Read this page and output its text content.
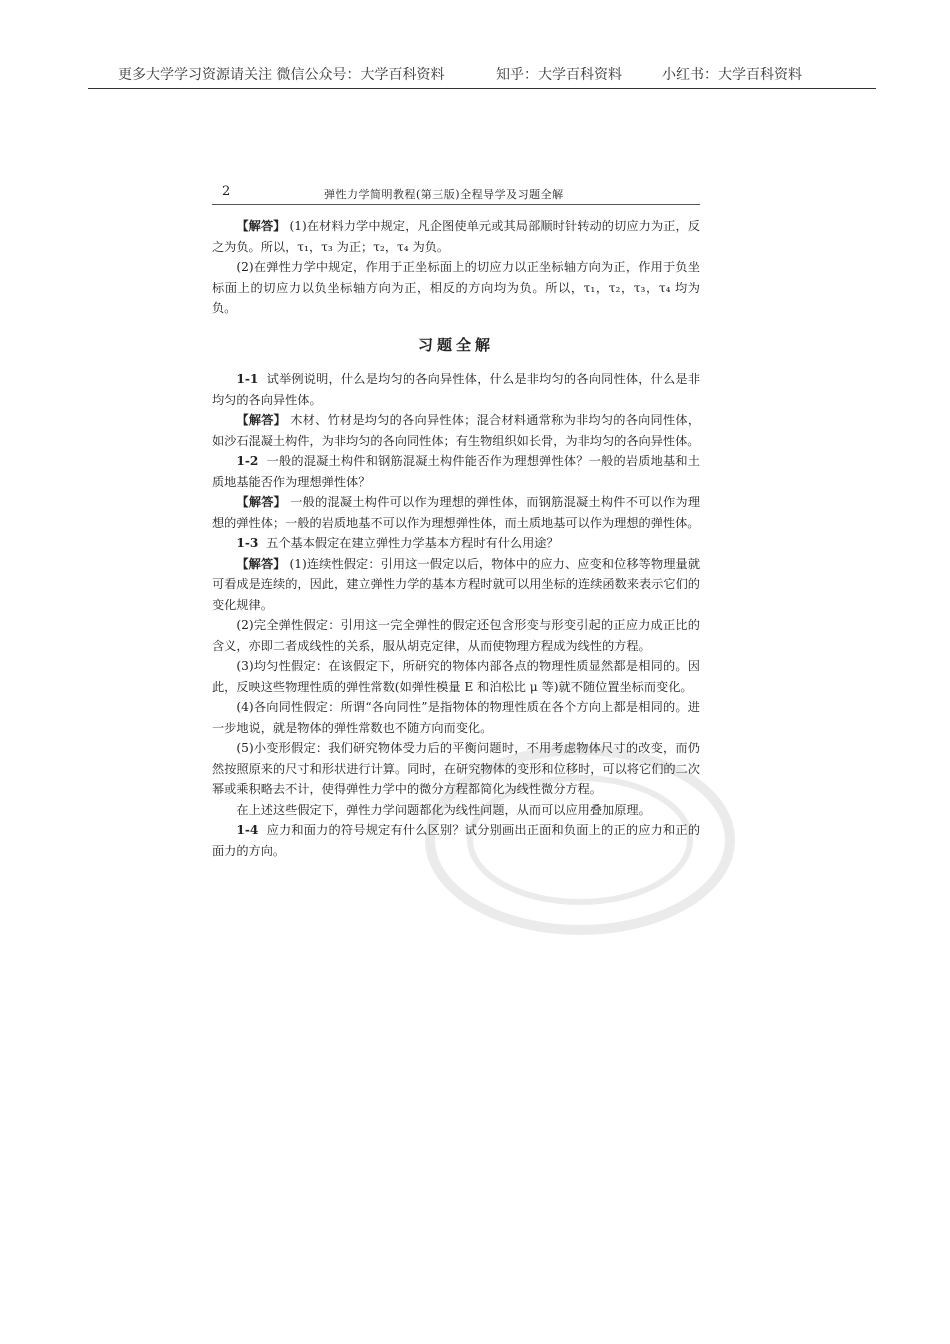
更多大学学习资源请关注 微信公众号：大学百科资料	知乎：大学百科资料	小红书：大学百科资料
2	弹性力学简明教程(第三版)全程导学及习题全解

【解答】 (1)在材料力学中规定，凡企图使单元或其局部顺时针转动的切应力为正，反之为负。所以，τ₁，τ₃ 为正；τ₂，τ₄ 为负。

(2)在弹性力学中规定，作用于正坐标面上的切应力以正坐标轴方向为正，作用于负坐标面上的切应力以负坐标轴方向为正，相反的方向均为负。所以，τ₁，τ₂，τ₃，τ₄ 均为负。

习题全解

1-1 试举例说明，什么是均匀的各向异性体，什么是非均匀的各向同性体，什么是非均匀的各向异性体。

【解答】 木材、竹材是均匀的各向异性体；混合材料通常称为非均匀的各向同性体，如沙石混凝土构件，为非均匀的各向同性体；有生物组织如长骨，为非均匀的各向异性体。

1-2 一般的混凝土构件和钢筋混凝土构件能否作为理想弹性体？一般的岩质地基和土质地基能否作为理想弹性体？

【解答】 一般的混凝土构件可以作为理想的弹性体，而钢筋混凝土构件不可以作为理想的弹性体；一般的岩质地基不可以作为理想弹性体，而土质地基可以作为理想的弹性体。

1-3 五个基本假定在建立弹性力学基本方程时有什么用途？

【解答】 (1)连续性假定：引用这一假定以后，物体中的应力、应变和位移等物理量就可看成是连续的，因此，建立弹性力学的基本方程时就可以用坐标的连续函数来表示它们的变化规律。

(2)完全弹性假定：引用这一完全弹性的假定还包含形变与形变引起的正应力成正比的含义，亦即二者成线性的关系，服从胡克定律，从而使物理方程成为线性的方程。

(3)均匀性假定：在该假定下，所研究的物体内部各点的物理性质显然都是相同的。因此，反映这些物理性质的弹性常数(如弹性模量 E 和泊松比 μ 等)就不随位置坐标而变化。

(4)各向同性假定：所谓“各向同性”是指物体的物理性质在各个方向上都是相同的。进一步地说，就是物体的弹性常数也不随方向而变化。

(5)小变形假定：我们研究物体受力后的平衡问题时，不用考虑物体尺寸的改变，而仍然按照原来的尺寸和形状进行计算。同时，在研究物体的变形和位移时，可以将它们的二次幂或乘积略去不计，使得弹性力学中的微分方程都简化为线性微分方程。

在上述这些假定下，弹性力学问题都化为线性问题，从而可以应用叠加原理。

1-4 应力和面力的符号规定有什么区别？试分别画出正面和负面上的正的应力和正的面力的方向。
